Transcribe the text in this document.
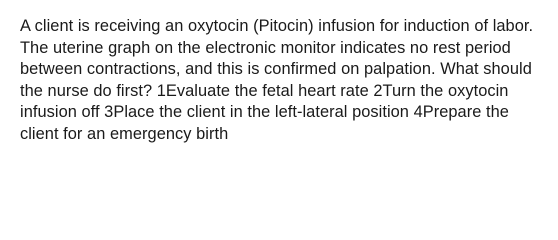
A client is receiving an oxytocin (Pitocin) infusion for induction of labor. The uterine graph on the electronic monitor indicates no rest period between contractions, and this is confirmed on palpation. What should the nurse do first? 1Evaluate the fetal heart rate 2Turn the oxytocin infusion off 3Place the client in the left-lateral position 4Prepare the client for an emergency birth
